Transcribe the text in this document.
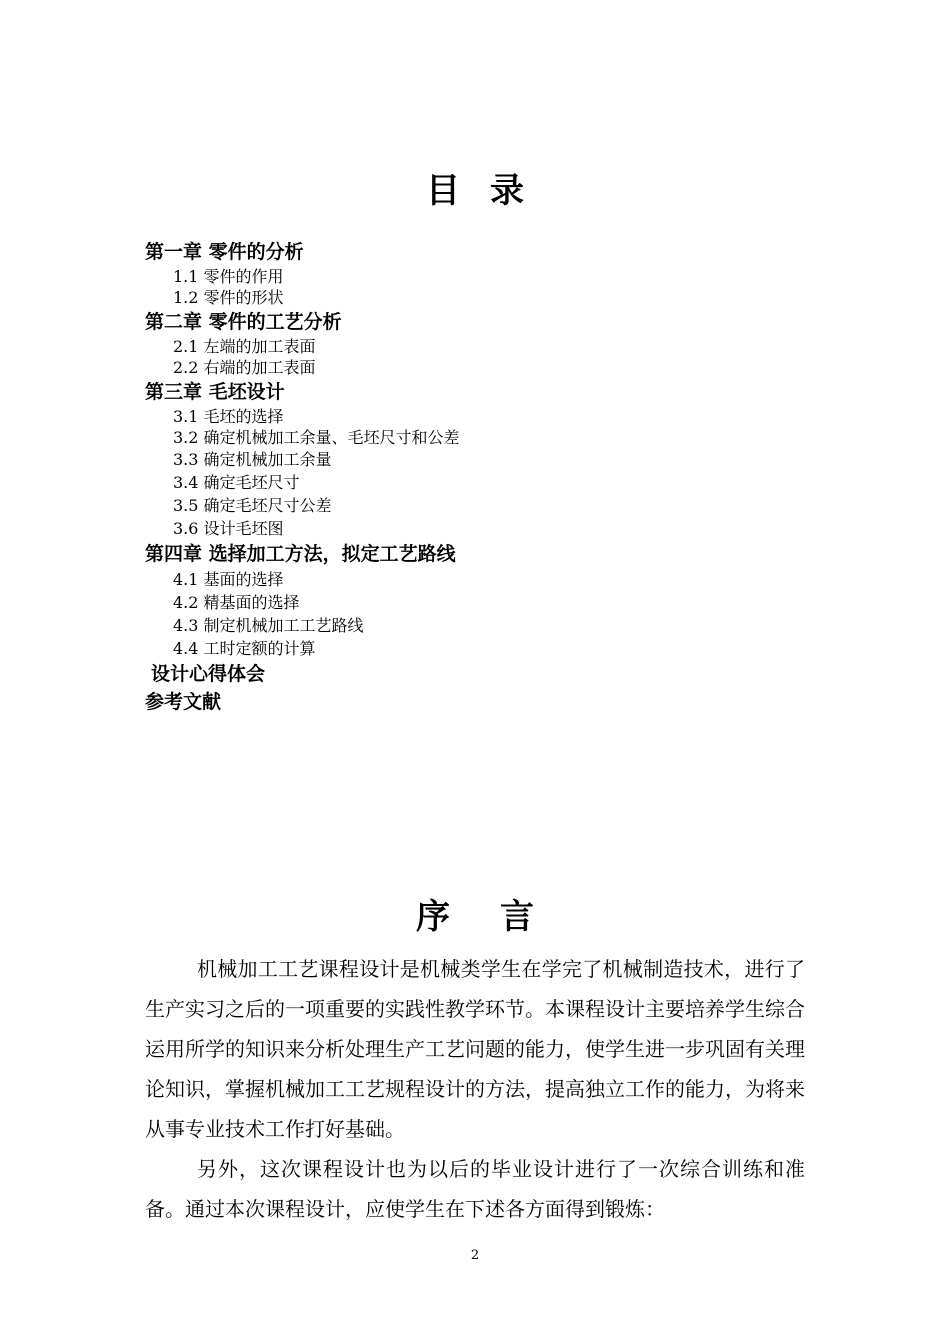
目录
第一章 零件的分析
1.1 零件的作用
1.2 零件的形状
第二章 零件的工艺分析
2.1 左端的加工表面
2.2 右端的加工表面
第三章 毛坯设计
3.1 毛坯的选择
3.2 确定机械加工余量、毛坯尺寸和公差
3.3 确定机械加工余量
3.4 确定毛坯尺寸
3.5 确定毛坯尺寸公差
3.6 设计毛坯图
第四章 选择加工方法，拟定工艺路线
4.1 基面的选择
4.2 精基面的选择
4.3 制定机械加工工艺路线
4.4 工时定额的计算
设计心得体会
参考文献
序言

机械加工工艺课程设计是机械类学生在学完了机械制造技术，进行了生产实习之后的一项重要的实践性教学环节。本课程设计主要培养学生综合运用所学的知识来分析处理生产工艺问题的能力，使学生进一步巩固有关理论知识，掌握机械加工工艺规程设计的方法，提高独立工作的能力，为将来从事专业技术工作打好基础。

另外，这次课程设计也为以后的毕业设计进行了一次综合训练和准备。通过本次课程设计，应使学生在下述各方面得到锻炼：

2
